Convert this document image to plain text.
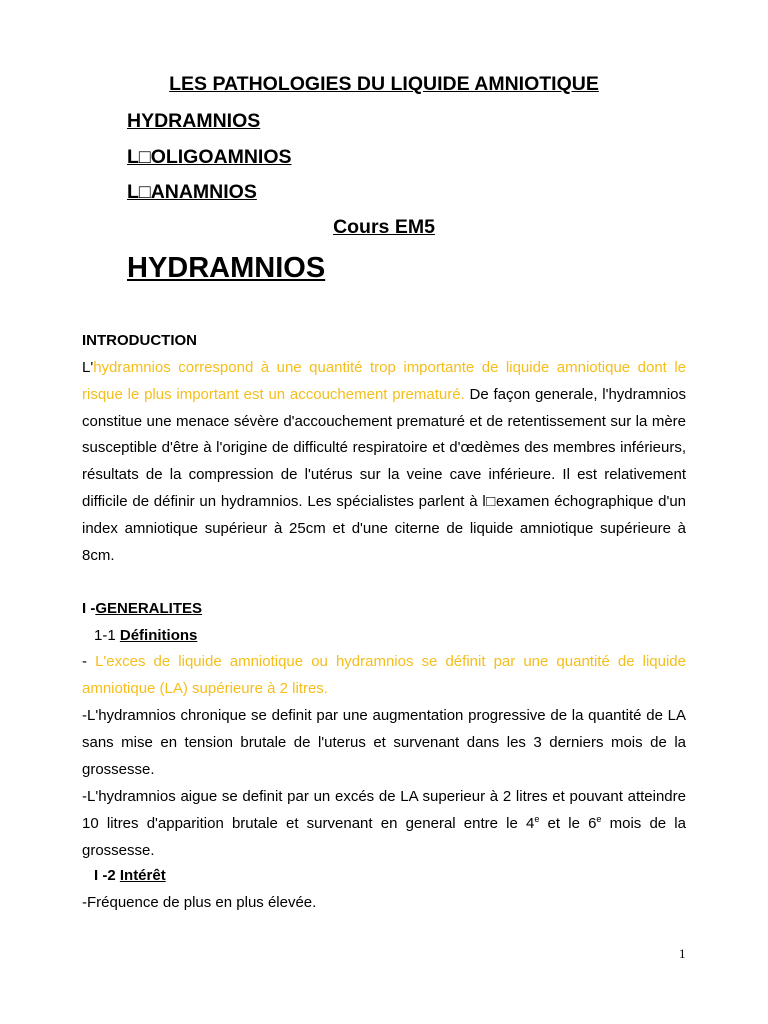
LES PATHOLOGIES DU LIQUIDE AMNIOTIQUE
HYDRAMNIOS
L□OLIGOAMNIOS
L□ANAMNIOS
Cours EM5
HYDRAMNIOS
INTRODUCTION
L'hydramnios correspond à une quantité trop importante de liquide amniotique dont le risque le plus important est un accouchement prematuré. De façon generale, l'hydramnios constitue une menace sévère d'accouchement prematuré et de retentissement sur la mère susceptible d'être à l'origine de difficulté respiratoire et d'œdèmes des membres inférieurs, résultats de la compression de l'utérus sur la veine cave inférieure. Il est relativement difficile de définir un hydramnios. Les spécialistes parlent à l□examen échographique d'un index amniotique supérieur à 25cm et d'une citerne de liquide amniotique supérieure à 8cm.
I -GENERALITES
1-1 Définitions
- L'exces de liquide amniotique ou hydramnios se définit par une quantité de liquide amniotique (LA) supérieure à 2 litres.
-L'hydramnios chronique se definit par une augmentation progressive de la quantité de LA sans mise en tension brutale de l'uterus et survenant dans les 3 derniers mois de la grossesse.
-L'hydramnios aigue se definit par un excés de LA superieur à 2 litres et pouvant atteindre 10 litres d'apparition brutale et survenant en general entre le 4e et le 6e mois de la grossesse.
I -2 Intérêt
-Fréquence de plus en plus élevée.
1
